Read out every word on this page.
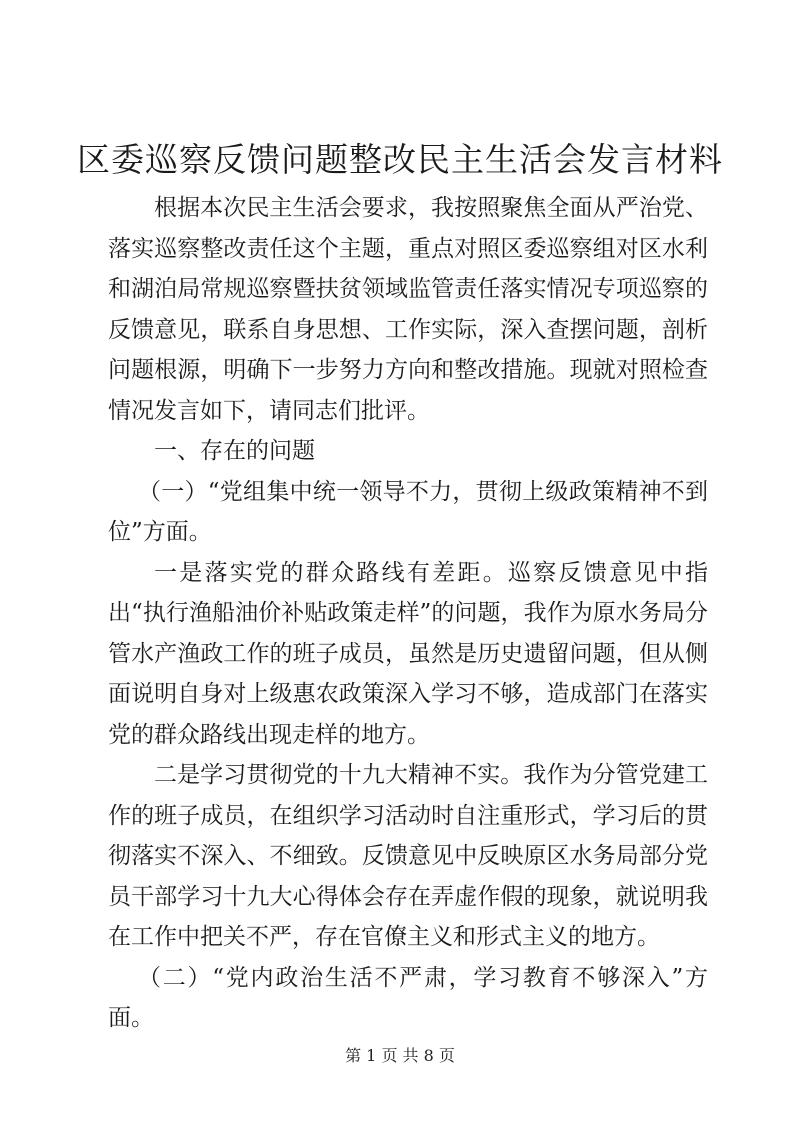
区委巡察反馈问题整改民主生活会发言材料

根据本次民主生活会要求，我按照聚焦全面从严治党、落实巡察整改责任这个主题，重点对照区委巡察组对区水利和湖泊局常规巡察暨扶贫领域监管责任落实情况专项巡察的反馈意见，联系自身思想、工作实际，深入查摆问题，剖析问题根源，明确下一步努力方向和整改措施。现就对照检查情况发言如下，请同志们批评。

一、存在的问题

（一）“党组集中统一领导不力，贯彻上级政策精神不到位”方面。

一是落实党的群众路线有差距。巡察反馈意见中指出“执行渔船油价补贴政策走样”的问题，我作为原水务局分管水产渔政工作的班子成员，虽然是历史遗留问题，但从侧面说明自身对上级惠农政策深入学习不够，造成部门在落实党的群众路线出现走样的地方。

二是学习贯彻党的十九大精神不实。我作为分管党建工作的班子成员，在组织学习活动时自注重形式，学习后的贯彻落实不深入、不细致。反馈意见中反映原区水务局部分党员干部学习十九大心得体会存在弄虚作假的现象，就说明我在工作中把关不严，存在官僚主义和形式主义的地方。

（二）“党内政治生活不严肃，学习教育不够深入”方面。

第 1 页 共 8 页
